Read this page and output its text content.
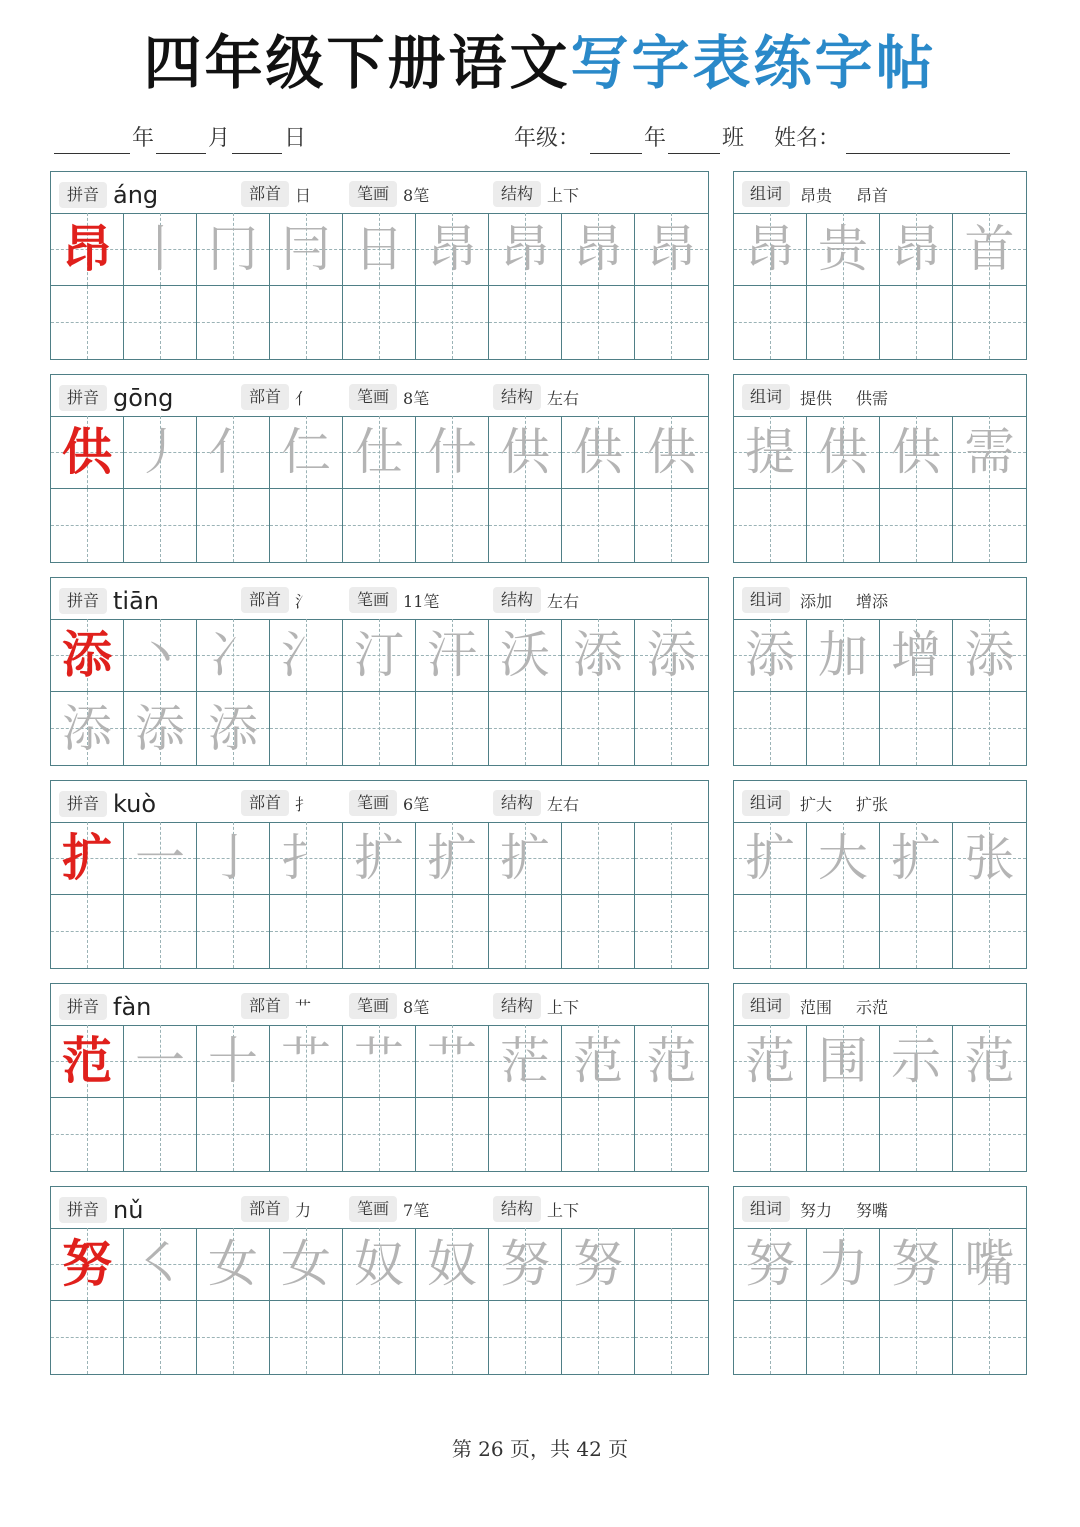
四年级下册语文写字表练字帖
年 月 日	年级：	年	班 姓名：
拼音 áng	部首 日	笔画 8笔	结构 上下
昂 丨 冂 冃 日 昂 昂 昂 昂
组词	昂贵 昂首
昂 贵 昂 首
拼音 gōng	部首 亻	笔画 8笔	结构 左右
供 丿 亻 仁 仕 什 供 供 供
组词	提供 供需
提 供 供 需
拼音 tiān	部首 氵	笔画 11笔	结构 左右
添 丶 冫 氵 汀 汗 沃 添 添
添 添 添
组词	添加 增添
添 加 增 添
拼音 kuò	部首 扌	笔画 6笔	结构 左右
扩 一 亅 扌 扩 扩 扩
组词	扩大 扩张
扩 大 扩 张
拼音 fàn	部首 艹	笔画 8笔	结构 上下
范 一 十 艹 艹 艹 茫 范 范
组词	范围 示范
范 围 示 范
拼音 nǔ	部首 力	笔画 7笔	结构 上下
努 ㇛ 女 女 奴 奴 努 努
组词	努力 努嘴
努 力 努 嘴
第 26 页，共 42 页
